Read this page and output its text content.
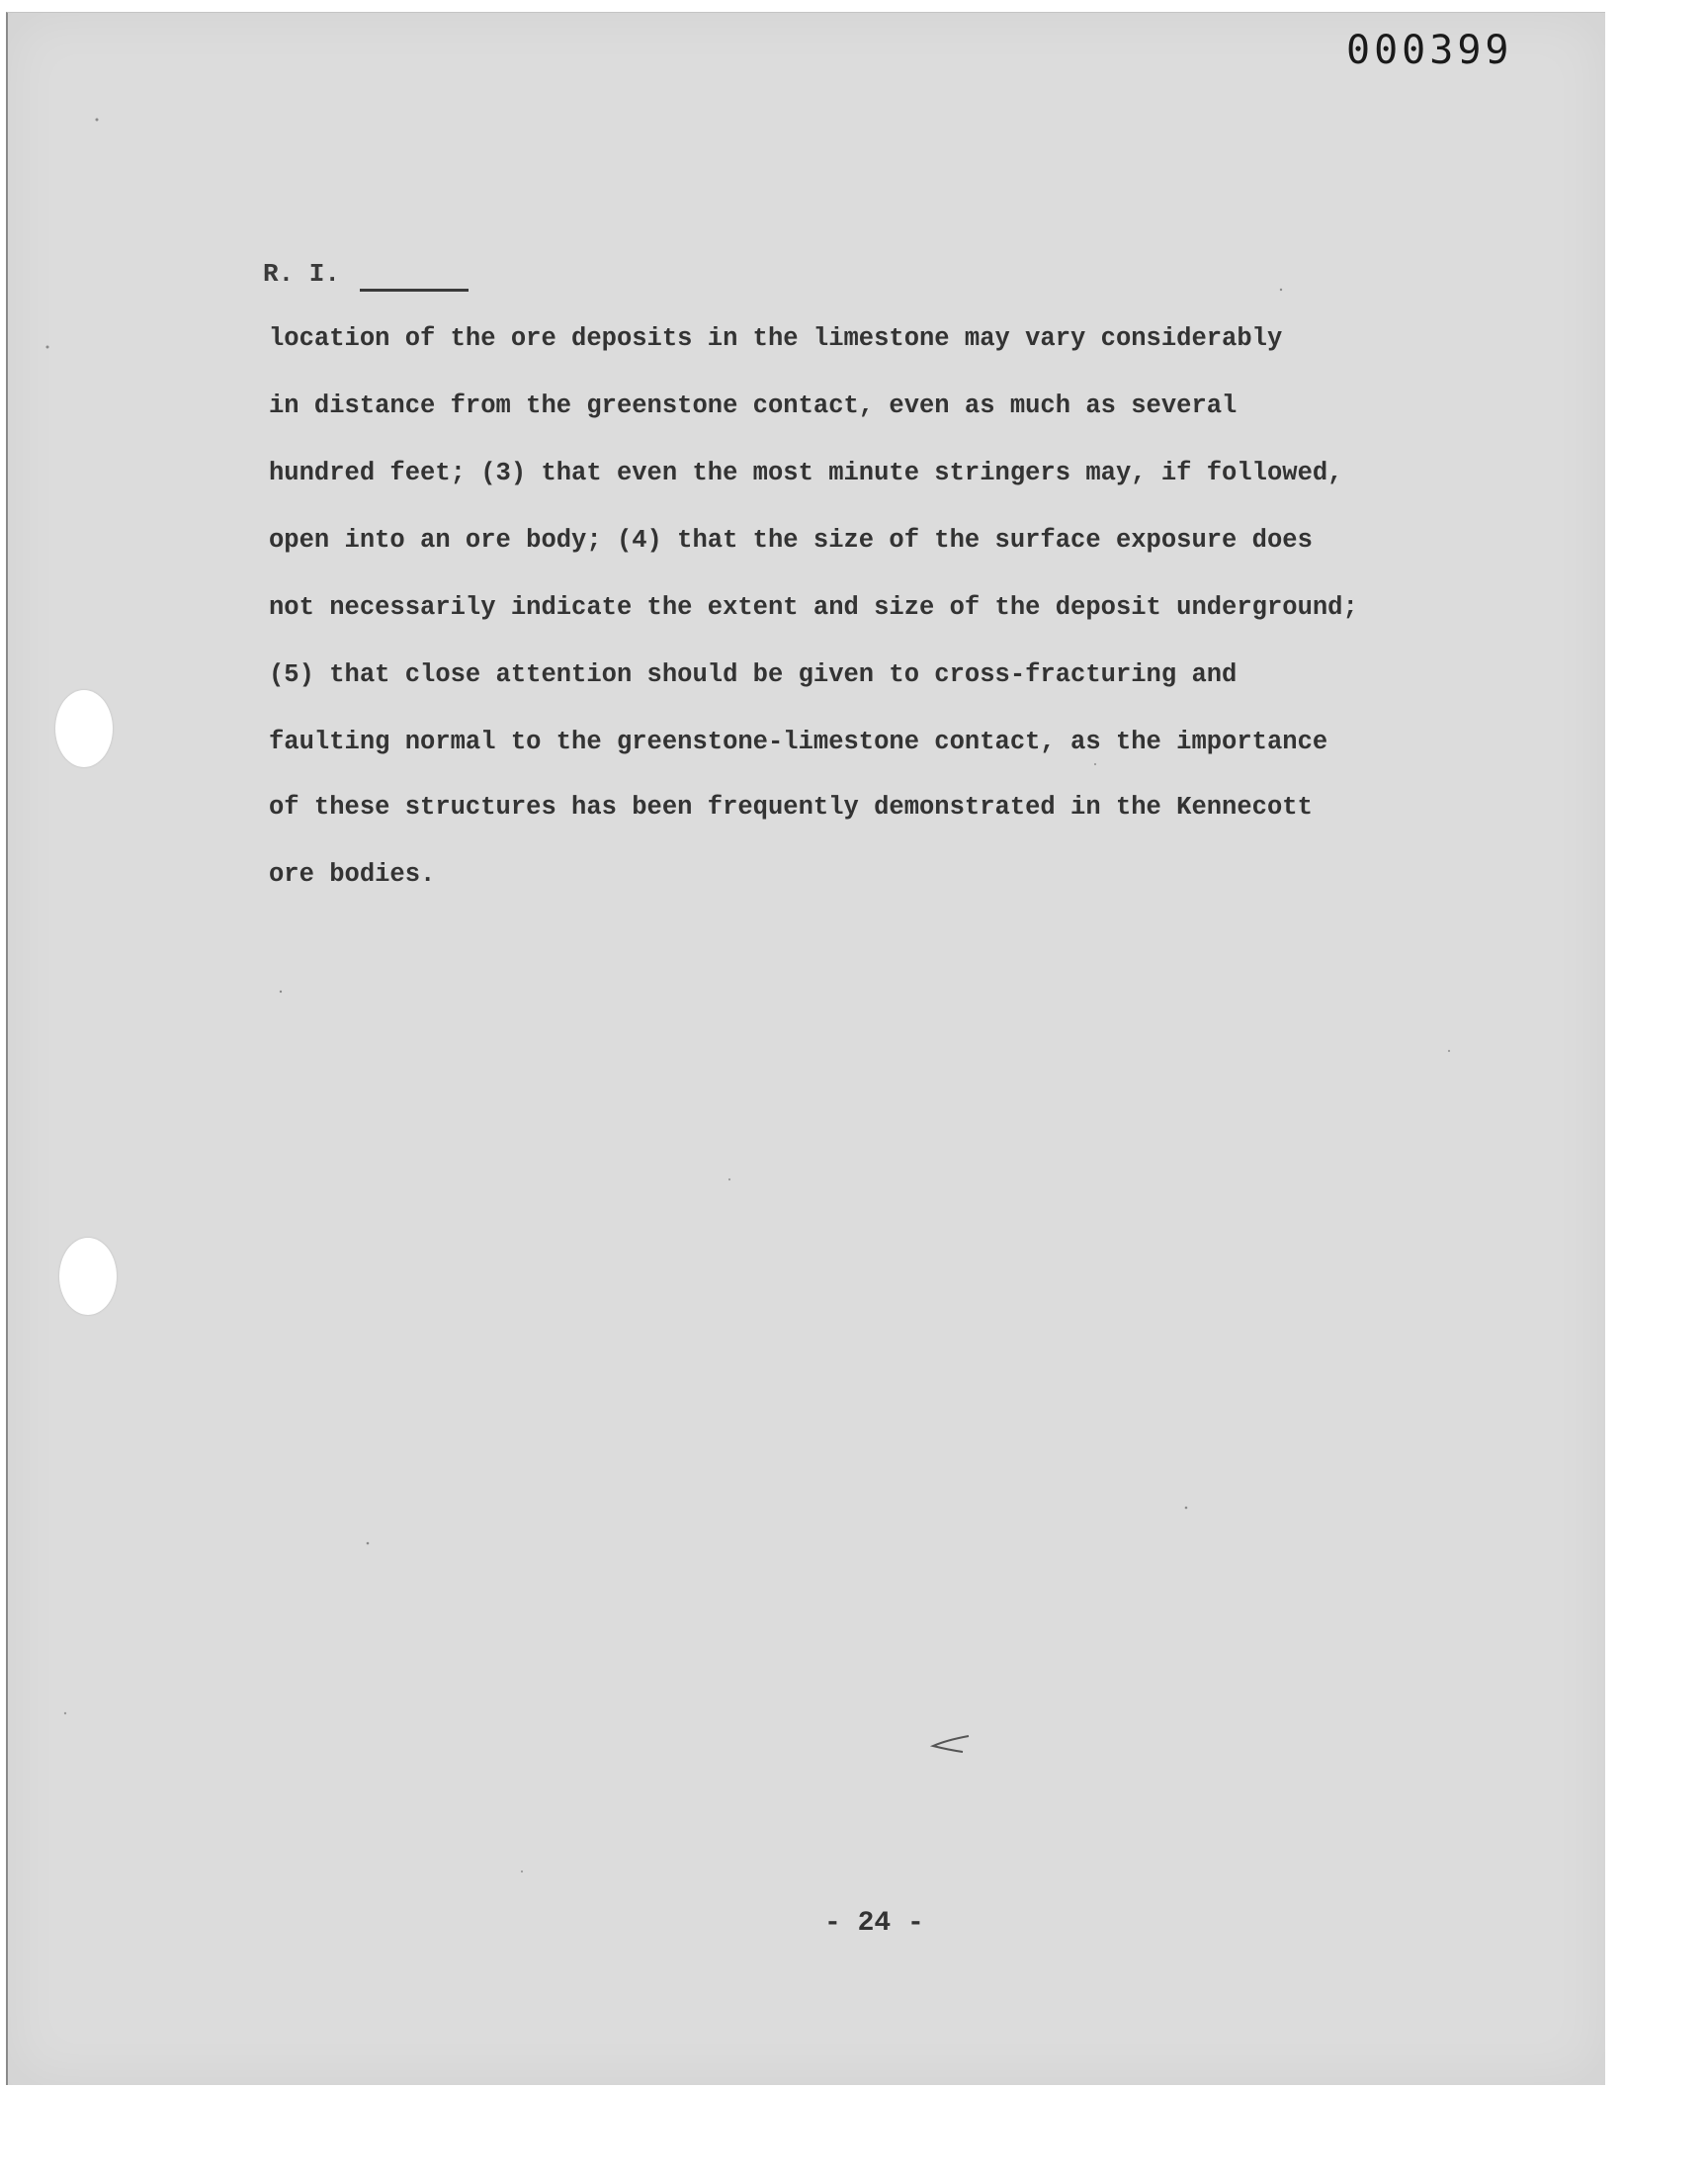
000399
R. I.
location of the ore deposits in the limestone may vary considerably
in distance from the greenstone contact, even as much as several
hundred feet; (3) that even the most minute stringers may, if followed,
open into an ore body; (4) that the size of the surface exposure does
not necessarily indicate the extent and size of the deposit underground;
(5) that close attention should be given to cross-fracturing and
faulting normal to the greenstone-limestone contact, as the importance
of these structures has been frequently demonstrated in the Kennecott
ore bodies.
- 24 -
